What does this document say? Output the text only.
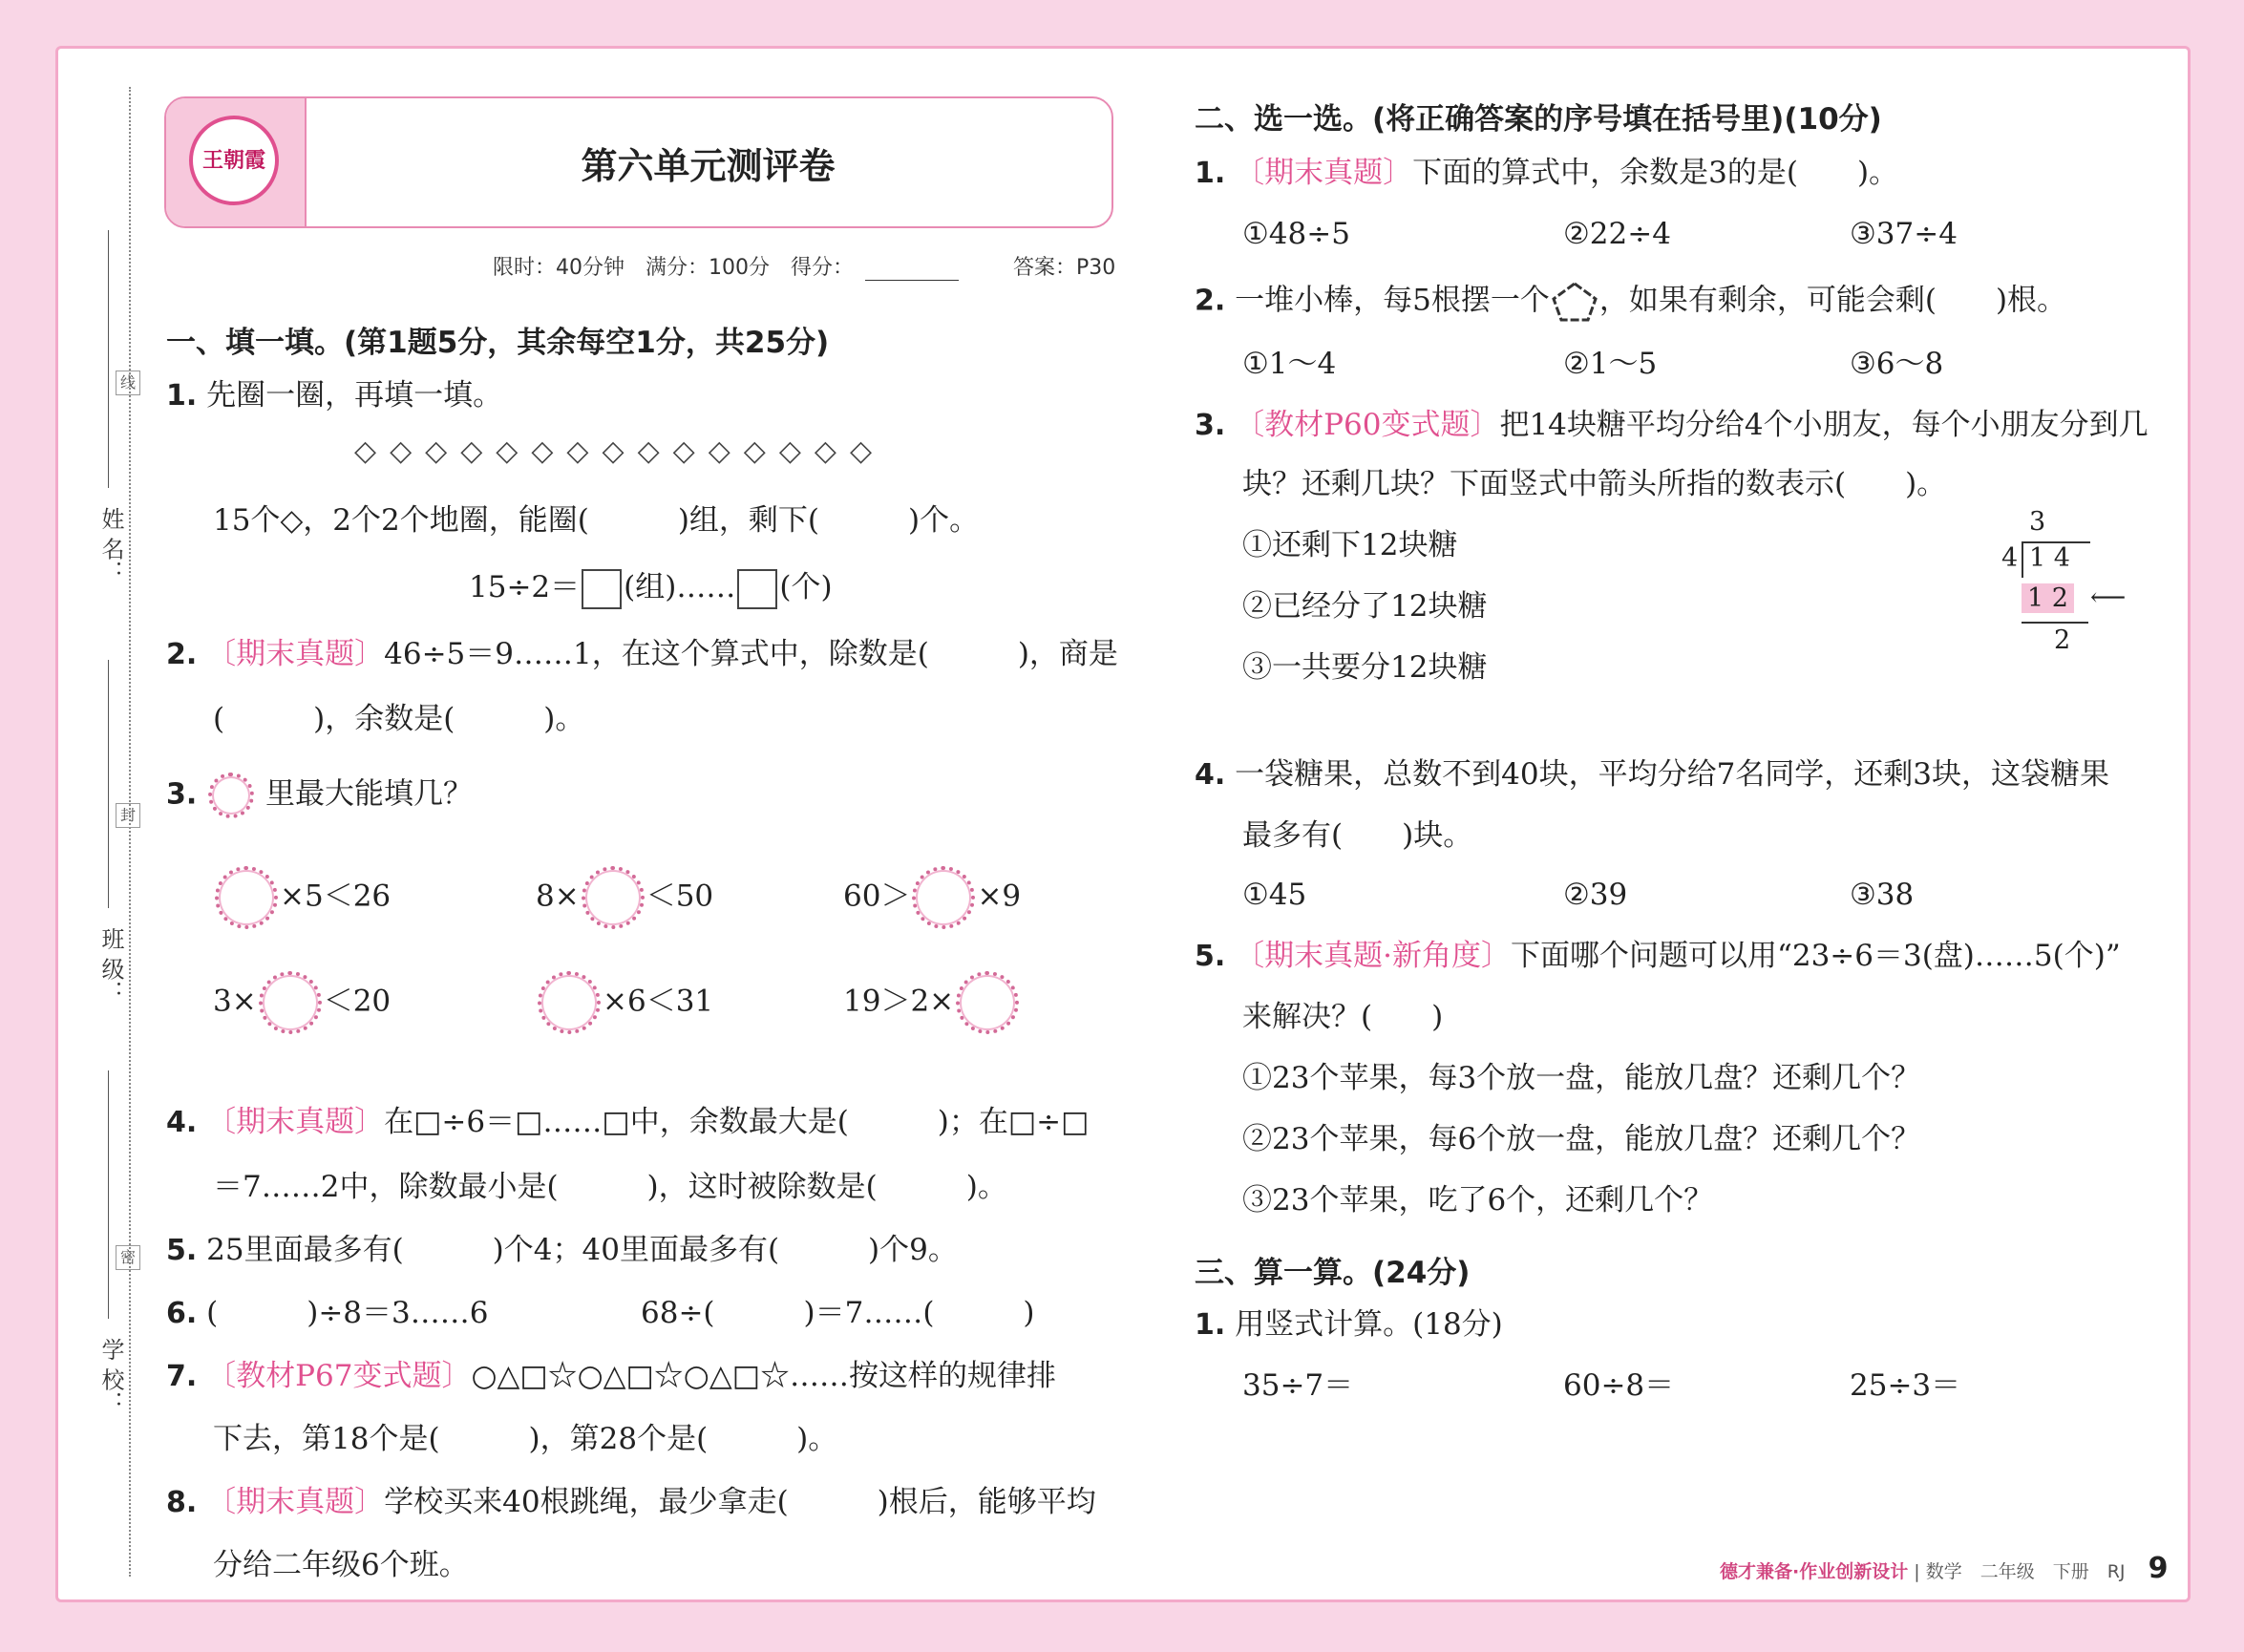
姓 名：
班 级：
学 校：
线
封
密
王朝霞	第六单元测评卷
限时：40分钟　满分：100分　得分：	答案：P30
一、填一填。(第1题5分，其余每空1分，共25分)
1. 先圈一圈，再填一填。
◇◇◇◇◇◇◇◇◇◇◇◇◇◇◇
15个◇，2个2个地圈，能圈(　　　)组，剩下(　　　)个。
15÷2＝ (组)…… (个)
2. 〔期末真题〕46÷5＝9……1，在这个算式中，除数是(　　　)，商是
(　　　)，余数是(　　　)。
3. 里最大能填几？
×5＜26	8× ＜50	60＞ ×9
3× ＜20	×6＜31	19＞2×
4. 〔期末真题〕在□÷6＝□……□中，余数最大是(　　　)；在□÷□
＝7……2中，除数最小是(　　　)，这时被除数是(　　　)。
5. 25里面最多有(　　　)个4；40里面最多有(　　　)个9。
6. (　　　)÷8＝3……6	68÷(　　　)＝7……(　　　)
7. 〔教材P67变式题〕○△□☆○△□☆○△□☆……按这样的规律排
下去，第18个是(　　　)，第28个是(　　　)。
8. 〔期末真题〕学校买来40根跳绳，最少拿走(　　　)根后，能够平均
分给二年级6个班。
二、选一选。(将正确答案的序号填在括号里)(10分)
1. 〔期末真题〕下面的算式中，余数是3的是(　　)。
①48÷5	②22÷4	③37÷4
2. 一堆小棒，每5根摆一个 ，如果有剩余，可能会剩(　　)根。
①1～4	②1～5	③6～8
3. 〔教材P60变式题〕把14块糖平均分给4个小朋友，每个小朋友分到几
块？还剩几块？下面竖式中箭头所指的数表示(　　)。
①还剩下12块糖
②已经分了12块糖
③一共要分12块糖
3
4 1 4
1 2
2
⟵
4. 一袋糖果，总数不到40块，平均分给7名同学，还剩3块，这袋糖果
最多有(　　)块。
①45	②39	③38
5. 〔期末真题·新角度〕下面哪个问题可以用“23÷6＝3(盘)……5(个)”
来解决？(　　)
①23个苹果，每3个放一盘，能放几盘？还剩几个？
②23个苹果，每6个放一盘，能放几盘？还剩几个？
③23个苹果，吃了6个，还剩几个？
三、算一算。(24分)
1. 用竖式计算。(18分)
35÷7＝	60÷8＝	25÷3＝
德才兼备·作业创新设计 | 数学　二年级　下册　RJ 9
